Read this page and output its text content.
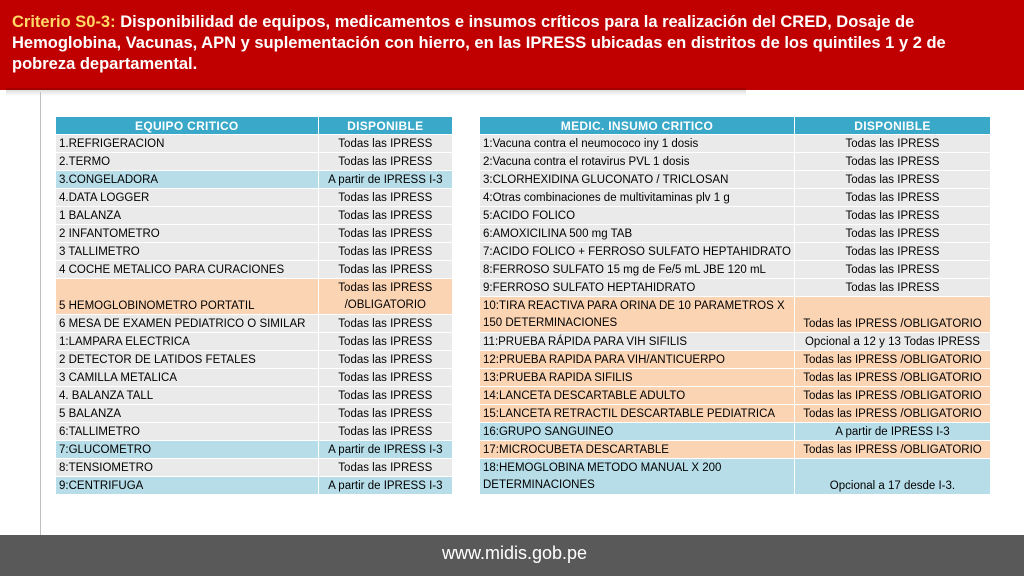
Criterio S0-3: Disponibilidad de equipos, medicamentos e insumos críticos para la realización del CRED, Dosaje de Hemoglobina, Vacunas, APN y suplementación con hierro, en las IPRESS ubicadas en distritos de los quintiles 1 y 2 de pobreza departamental.
EQUIPO CRITICO	DISPONIBLE
1.REFRIGERACION	Todas las IPRESS
2.TERMO	Todas las IPRESS
3.CONGELADORA	A partir de IPRESS I-3
4.DATA LOGGER	Todas las IPRESS
1 BALANZA	Todas las IPRESS
2 INFANTOMETRO	Todas las IPRESS
3 TALLIMETRO	Todas las IPRESS
4 COCHE METALICO PARA CURACIONES	Todas las IPRESS
5 HEMOGLOBINOMETRO PORTATIL	Todas las IPRESS /OBLIGATORIO
6 MESA DE EXAMEN PEDIATRICO O SIMILAR	Todas las IPRESS
1:LAMPARA ELECTRICA	Todas las IPRESS
2 DETECTOR DE LATIDOS FETALES	Todas las IPRESS
3 CAMILLA METALICA	Todas las IPRESS
4. BALANZA TALL	Todas las IPRESS
5 BALANZA	Todas las IPRESS
6:TALLIMETRO	Todas las IPRESS
7:GLUCOMETRO	A partir de IPRESS I-3
8:TENSIOMETRO	Todas las IPRESS
9:CENTRIFUGA	A partir de IPRESS I-3
MEDIC. INSUMO CRITICO	DISPONIBLE
1:Vacuna contra el neumococo iny 1 dosis	Todas las IPRESS
2:Vacuna contra el rotavirus PVL 1 dosis	Todas las IPRESS
3:CLORHEXIDINA GLUCONATO / TRICLOSAN	Todas las IPRESS
4:Otras combinaciones de multivitaminas plv 1 g	Todas las IPRESS
5:ACIDO FOLICO	Todas las IPRESS
6:AMOXICILINA 500 mg TAB	Todas las IPRESS
7:ACIDO FOLICO + FERROSO SULFATO HEPTAHIDRATO	Todas las IPRESS
8:FERROSO SULFATO 15 mg de Fe/5 mL JBE 120 mL	Todas las IPRESS
9:FERROSO SULFATO HEPTAHIDRATO	Todas las IPRESS
10:TIRA REACTIVA PARA ORINA DE 10 PARAMETROS X 150 DETERMINACIONES	Todas las IPRESS /OBLIGATORIO
11:PRUEBA RÁPIDA PARA VIH SIFILIS	Opcional a 12 y 13 Todas IPRESS
12:PRUEBA RAPIDA PARA VIH/ANTICUERPO	Todas las IPRESS /OBLIGATORIO
13:PRUEBA RAPIDA SIFILIS	Todas las IPRESS /OBLIGATORIO
14:LANCETA DESCARTABLE ADULTO	Todas las IPRESS /OBLIGATORIO
15:LANCETA RETRACTIL DESCARTABLE PEDIATRICA	Todas las IPRESS /OBLIGATORIO
16:GRUPO SANGUINEO	A partir de IPRESS I-3
17:MICROCUBETA DESCARTABLE	Todas las IPRESS /OBLIGATORIO
18:HEMOGLOBINA METODO MANUAL X 200 DETERMINACIONES	Opcional a 17 desde I-3.
www.midis.gob.pe
